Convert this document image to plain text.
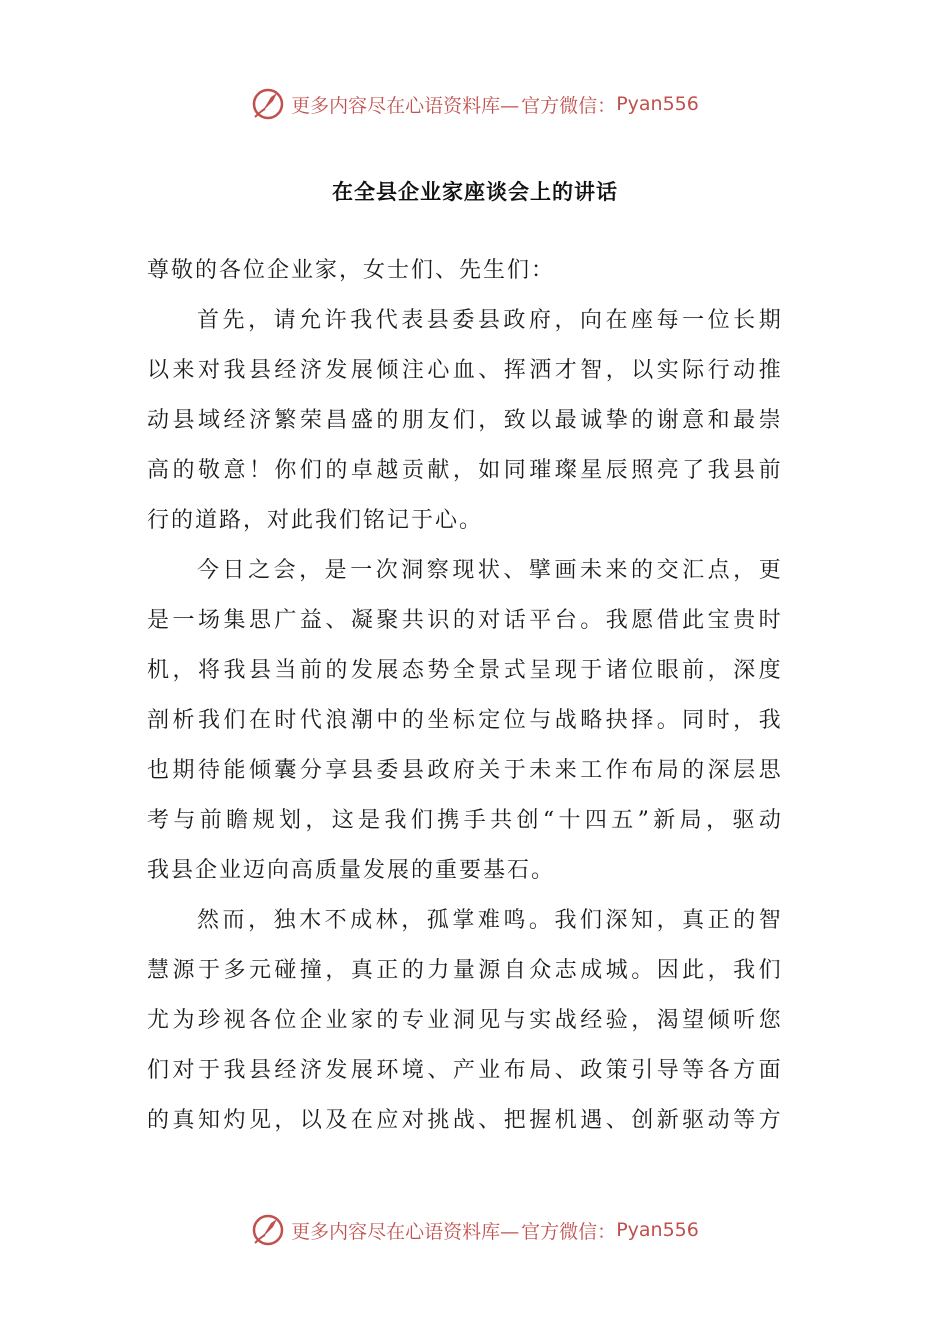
更多内容尽在心语资料库— 官方微信： Pyan556
在全县企业家座谈会上的讲话
尊敬的各位企业家，女士们、先生们：
首 先 ， 请 允 许 我 代 表 县 委 县 政 府 ， 向 在 座 每 一 位 长 期
以 来 对 我 县 经 济 发 展 倾 注 心 血 、 挥 洒 才 智 ， 以 实 际 行 动 推
动 县 域 经 济 繁 荣 昌 盛 的 朋 友 们 ， 致 以 最 诚 挚 的 谢 意 和 最 崇
高 的 敬 意 ！ 你 们 的 卓 越 贡 献 ， 如 同 璀 璨 星 辰 照 亮 了 我 县 前
行的道路，对此我们铭记于心。
今 日 之 会 ， 是 一 次 洞 察 现 状 、 擘 画 未 来 的 交 汇 点 ， 更
是 一 场 集 思 广 益 、 凝 聚 共 识 的 对 话 平 台 。 我 愿 借 此 宝 贵 时
机 ， 将 我 县 当 前 的 发 展 态 势 全 景 式 呈 现 于 诸 位 眼 前 ， 深 度
剖 析 我 们 在 时 代 浪 潮 中 的 坐 标 定 位 与 战 略 抉 择 。 同 时 ， 我
也 期 待 能 倾 囊 分 享 县 委 县 政 府 关 于 未 来 工 作 布 局 的 深 层 思
考 与 前 瞻 规 划 ， 这 是 我 们 携 手 共 创 “ 十 四 五 ” 新 局 ， 驱 动
我县企业迈向高质量发展的重要基石。
然 而 ， 独 木 不 成 林 ， 孤 掌 难 鸣 。 我 们 深 知 ， 真 正 的 智
慧 源 于 多 元 碰 撞 ， 真 正 的 力 量 源 自 众 志 成 城 。 因 此 ， 我 们
尤 为 珍 视 各 位 企 业 家 的 专 业 洞 见 与 实 战 经 验 ， 渴 望 倾 听 您
们 对 于 我 县 经 济 发 展 环 境 、 产 业 布 局 、 政 策 引 导 等 各 方 面
的 真 知 灼 见 ， 以 及 在 应 对 挑 战 、 把 握 机 遇 、 创 新 驱 动 等 方
更多内容尽在心语资料库— 官方微信： Pyan556
